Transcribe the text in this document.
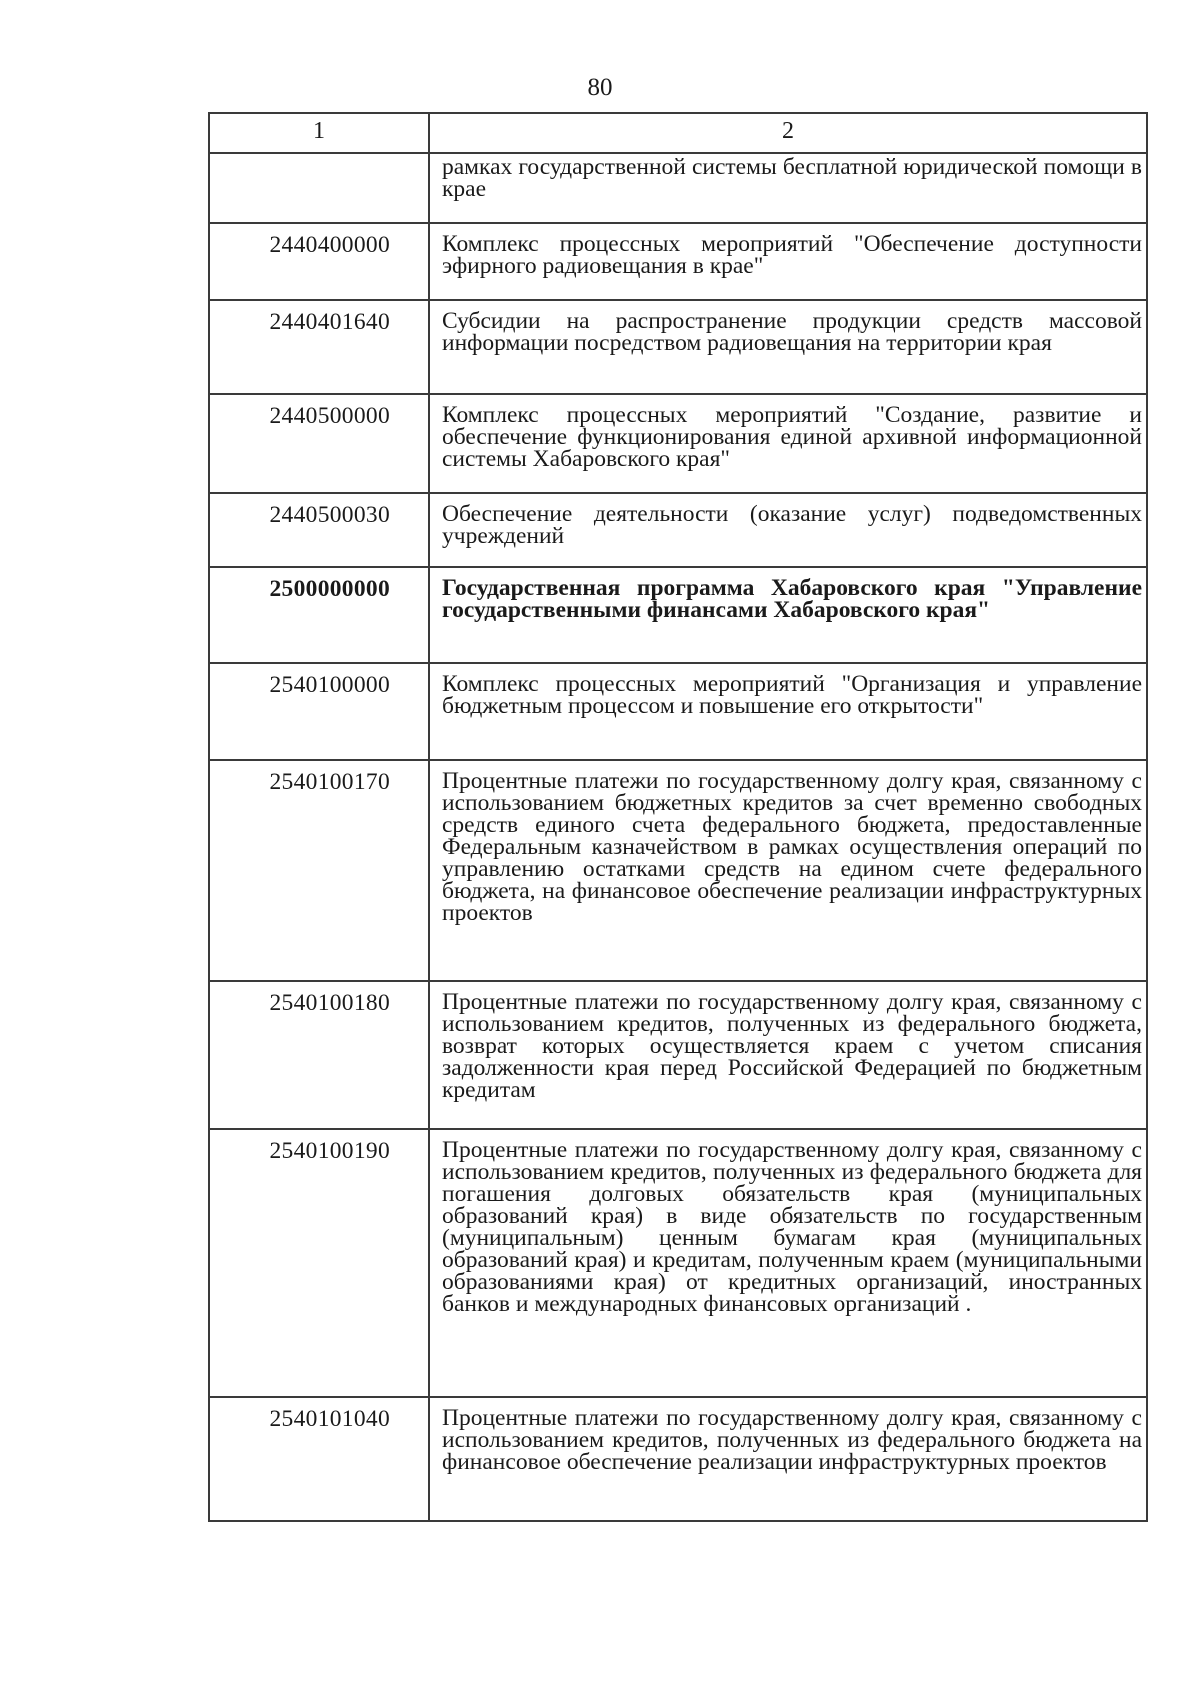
80
1	2
	рамках государственной системы бесплатной юридической помощи в крае
2440400000	Комплекс процессных мероприятий "Обеспечение доступности эфирного радиовещания в крае"
2440401640	Субсидии на распространение продукции средств массовой информации посредством радиовещания на территории края
2440500000	Комплекс процессных мероприятий "Создание, развитие и обеспечение функционирования единой архивной информационной системы Хабаровского края"
2440500030	Обеспечение деятельности (оказание услуг) подведомственных учреждений
2500000000	Государственная программа Хабаровского края "Управление государственными финансами Хабаровского края"
2540100000	Комплекс процессных мероприятий "Организация и управление бюджетным процессом и повышение его открытости"
2540100170	Процентные платежи по государственному долгу края, связанному с использованием бюджетных кредитов за счет временно свободных средств единого счета федерального бюджета, предоставленные Федеральным казначейством в рамках осуществления операций по управлению остатками средств на едином счете федерального бюджета, на финансовое обеспечение реализации инфраструктурных проектов
2540100180	Процентные платежи по государственному долгу края, связанному с использованием кредитов, полученных из федерального бюджета, возврат которых осуществляется краем с учетом списания задолженности края перед Российской Федерацией по бюджетным кредитам
2540100190	Процентные платежи по государственному долгу края, связанному с использованием кредитов, полученных из федерального бюджета для погашения долговых обязательств края (муниципальных образований края) в виде обязательств по государственным (муниципальным) ценным бумагам края (муниципальных образований края) и кредитам, полученным краем (муниципальными образованиями края) от кредитных организаций, иностранных банков и международных финансовых организаций .
2540101040	Процентные платежи по государственному долгу края, связанному с использованием кредитов, полученных из федерального бюджета на финансовое обеспечение реализации инфраструктурных проектов
